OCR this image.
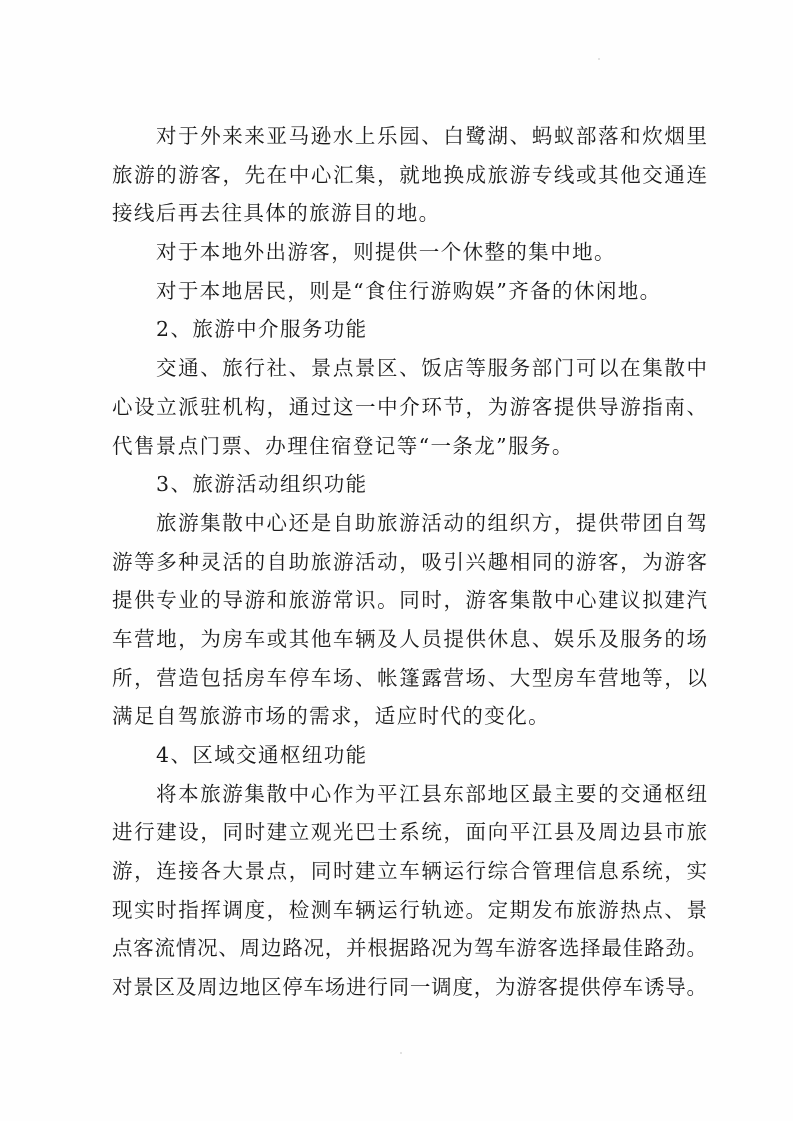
对于外来来亚马逊水上乐园、白鹭湖、蚂蚁部落和炊烟里
旅游的游客，先在中心汇集，就地换成旅游专线或其他交通连
接线后再去往具体的旅游目的地。
对于本地外出游客，则提供一个休整的集中地。
对于本地居民，则是“食住行游购娱”齐备的休闲地。
2、旅游中介服务功能
交通、旅行社、景点景区、饭店等服务部门可以在集散中
心设立派驻机构，通过这一中介环节，为游客提供导游指南、
代售景点门票、办理住宿登记等“一条龙”服务。
3、旅游活动组织功能
旅游集散中心还是自助旅游活动的组织方，提供带团自驾
游等多种灵活的自助旅游活动，吸引兴趣相同的游客，为游客
提供专业的导游和旅游常识。同时，游客集散中心建议拟建汽
车营地，为房车或其他车辆及人员提供休息、娱乐及服务的场
所，营造包括房车停车场、帐篷露营场、大型房车营地等，以
满足自驾旅游市场的需求，适应时代的变化。
4、区域交通枢纽功能
将本旅游集散中心作为平江县东部地区最主要的交通枢纽
进行建设，同时建立观光巴士系统，面向平江县及周边县市旅
游，连接各大景点，同时建立车辆运行综合管理信息系统，实
现实时指挥调度，检测车辆运行轨迹。定期发布旅游热点、景
点客流情况、周边路况，并根据路况为驾车游客选择最佳路劲。
对景区及周边地区停车场进行同一调度，为游客提供停车诱导。
